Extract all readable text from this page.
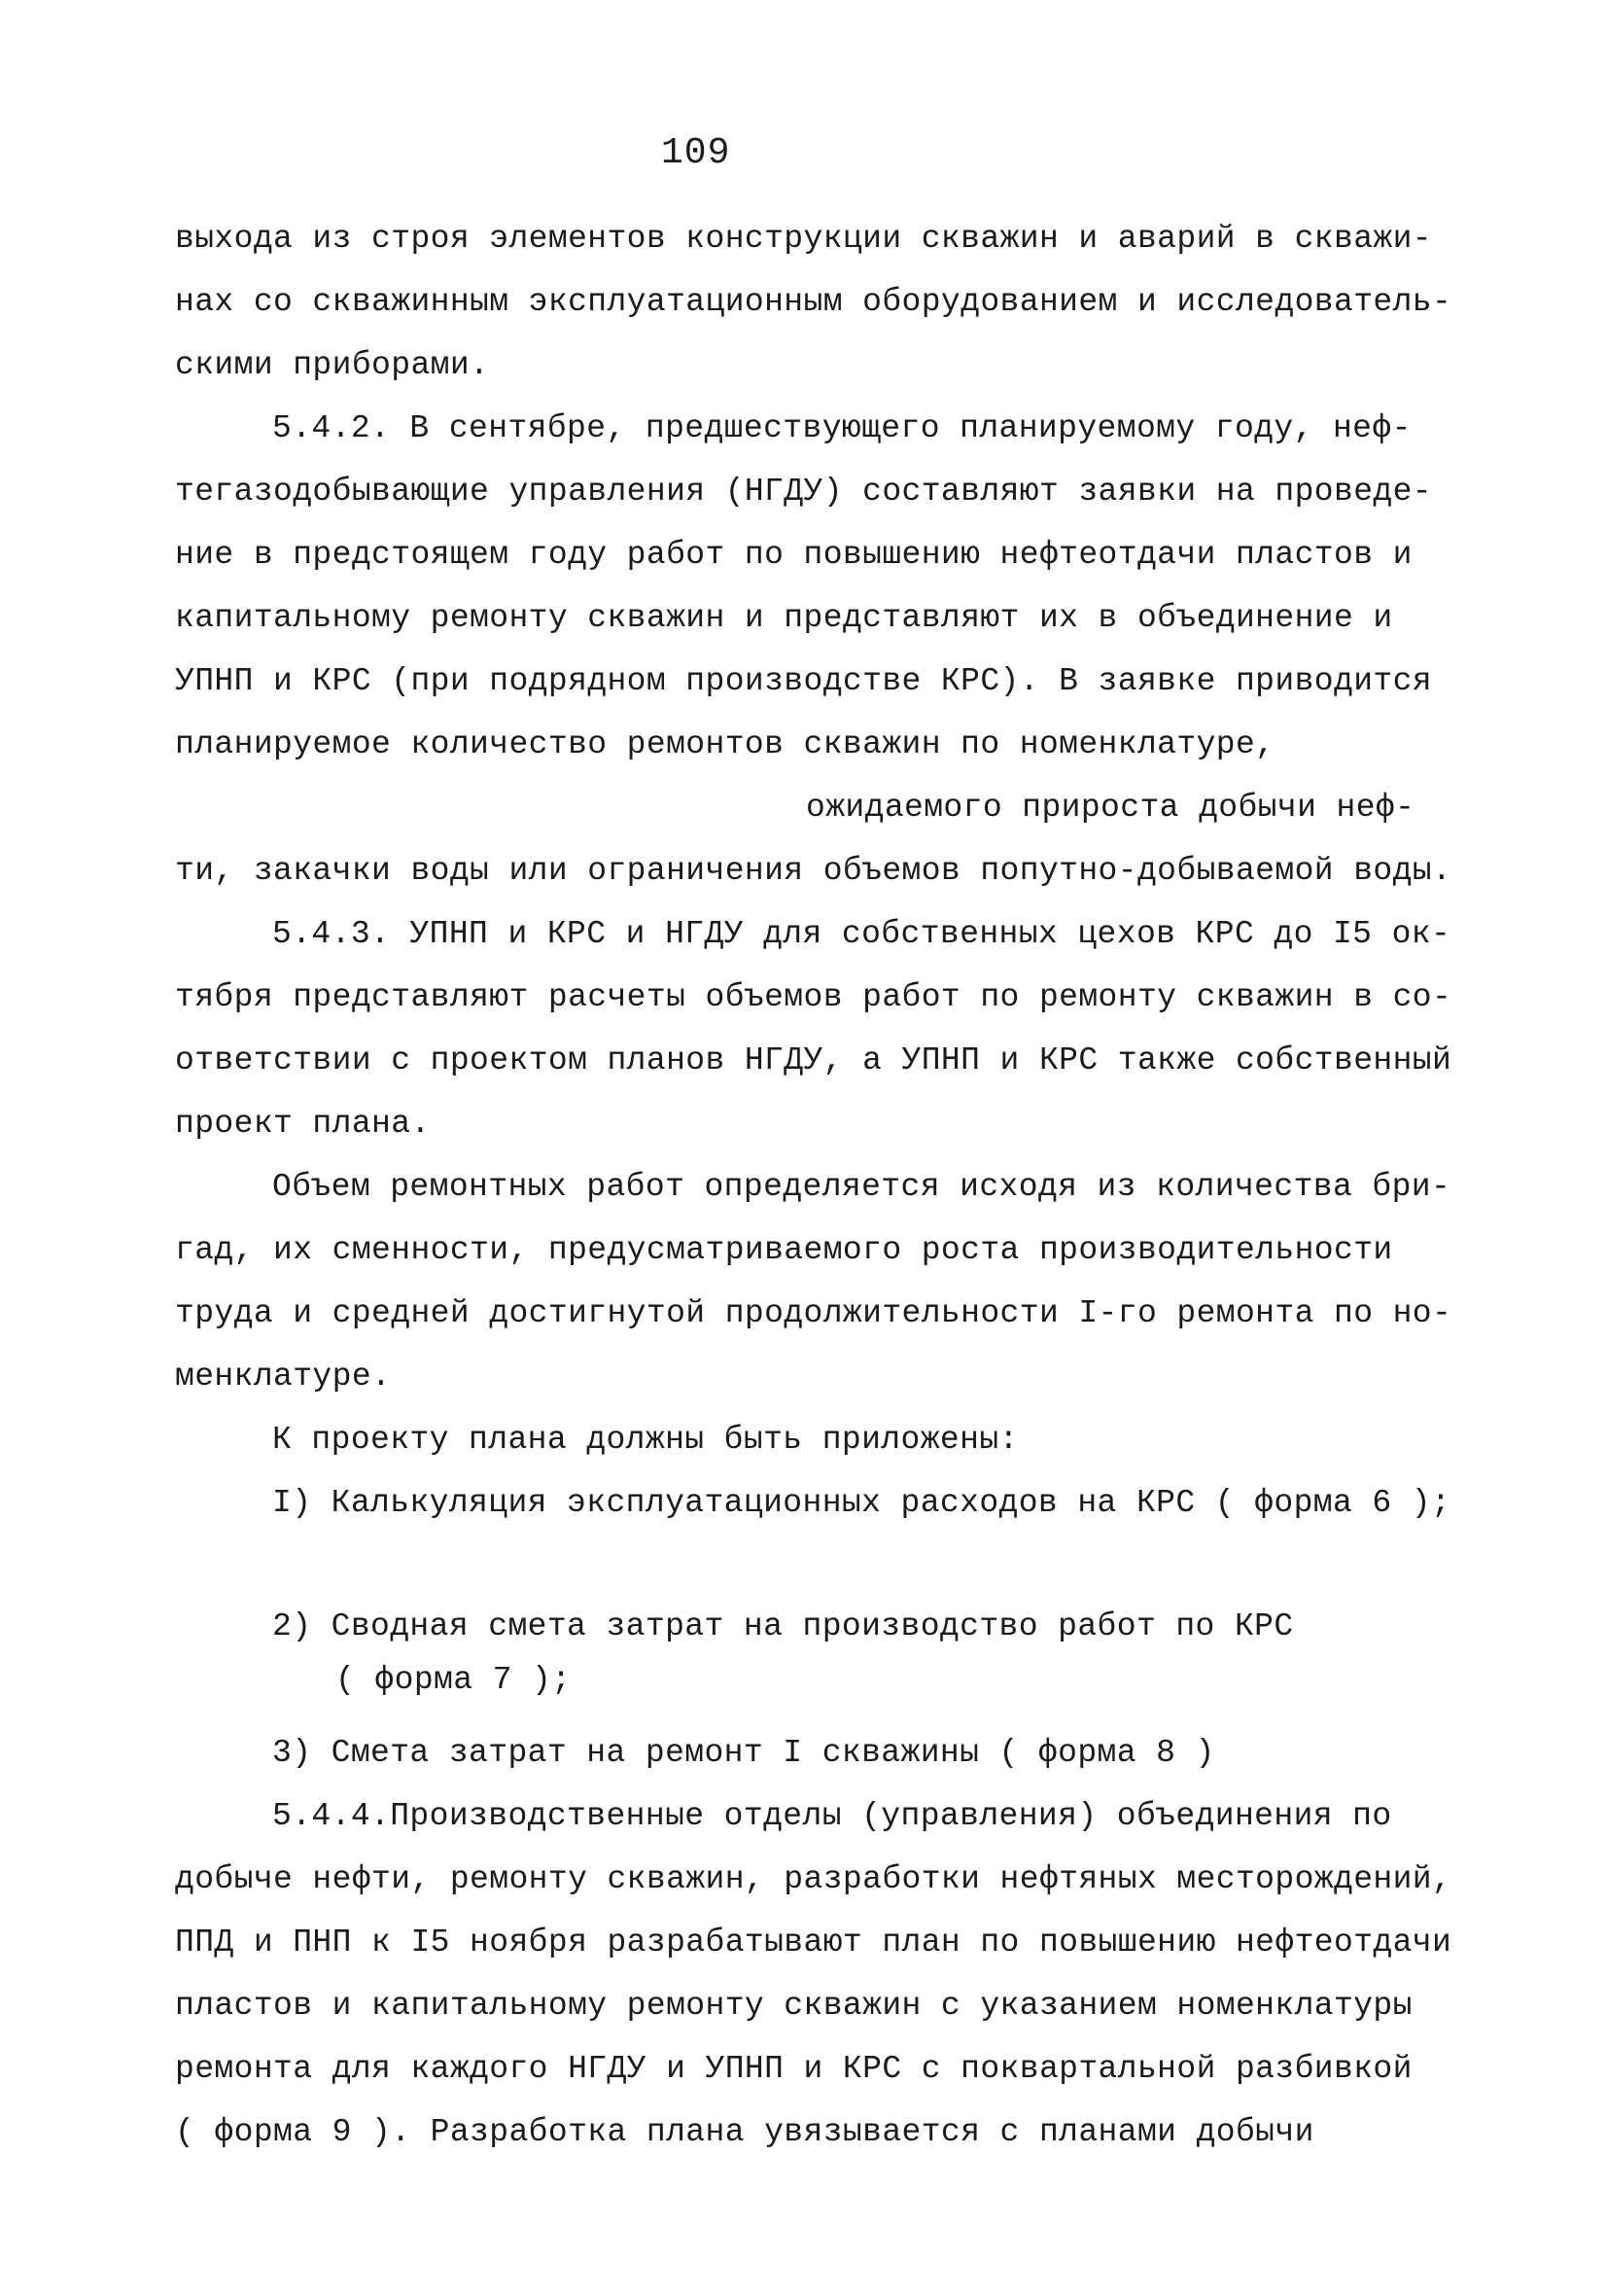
109
выхода из строя элементов конструкции скважин и аварий в скважи-
нах со скважинным эксплуатационным оборудованием и исследователь-
скими приборами.
5.4.2. В сентябре, предшествующего планируемому году, неф-
тегазодобывающие управления (НГДУ) составляют заявки на проведе-
ние в предстоящем году работ по повышению нефтеотдачи пластов и
капитальному ремонту скважин и представляют их в объединение и
УПНП и КРС (при подрядном производстве КРС). В заявке приводится
планируемое количество ремонтов скважин по номенклатуре,
ожидаемого прироста добычи неф-
ти, закачки воды или ограничения объемов попутно-добываемой воды.
5.4.3. УПНП и КРС и НГДУ для собственных цехов КРС до I5 ок-
тября представляют расчеты объемов работ по ремонту скважин в со-
ответствии с проектом планов НГДУ, а УПНП и КРС также собственный
проект плана.
Объем ремонтных работ определяется исходя из количества бри-
гад, их сменности, предусматриваемого роста производительности
труда и средней достигнутой продолжительности I-го ремонта по но-
менклатуре.
К проекту плана должны быть приложены:
I) Калькуляция эксплуатационных расходов на КРС ( форма 6 );
2) Сводная смета затрат на производство работ по КРС
( форма 7 );
3) Смета затрат на ремонт I скважины ( форма 8 )
5.4.4.Производственные отделы (управления) объединения по
добыче нефти, ремонту скважин, разработки нефтяных месторождений,
ППД и ПНП к I5 ноября разрабатывают план по повышению нефтеотдачи
пластов и капитальному ремонту скважин с указанием номенклатуры
ремонта для каждого НГДУ и УПНП и КРС с поквартальной разбивкой
( форма 9 ). Разработка плана увязывается с планами добычи
